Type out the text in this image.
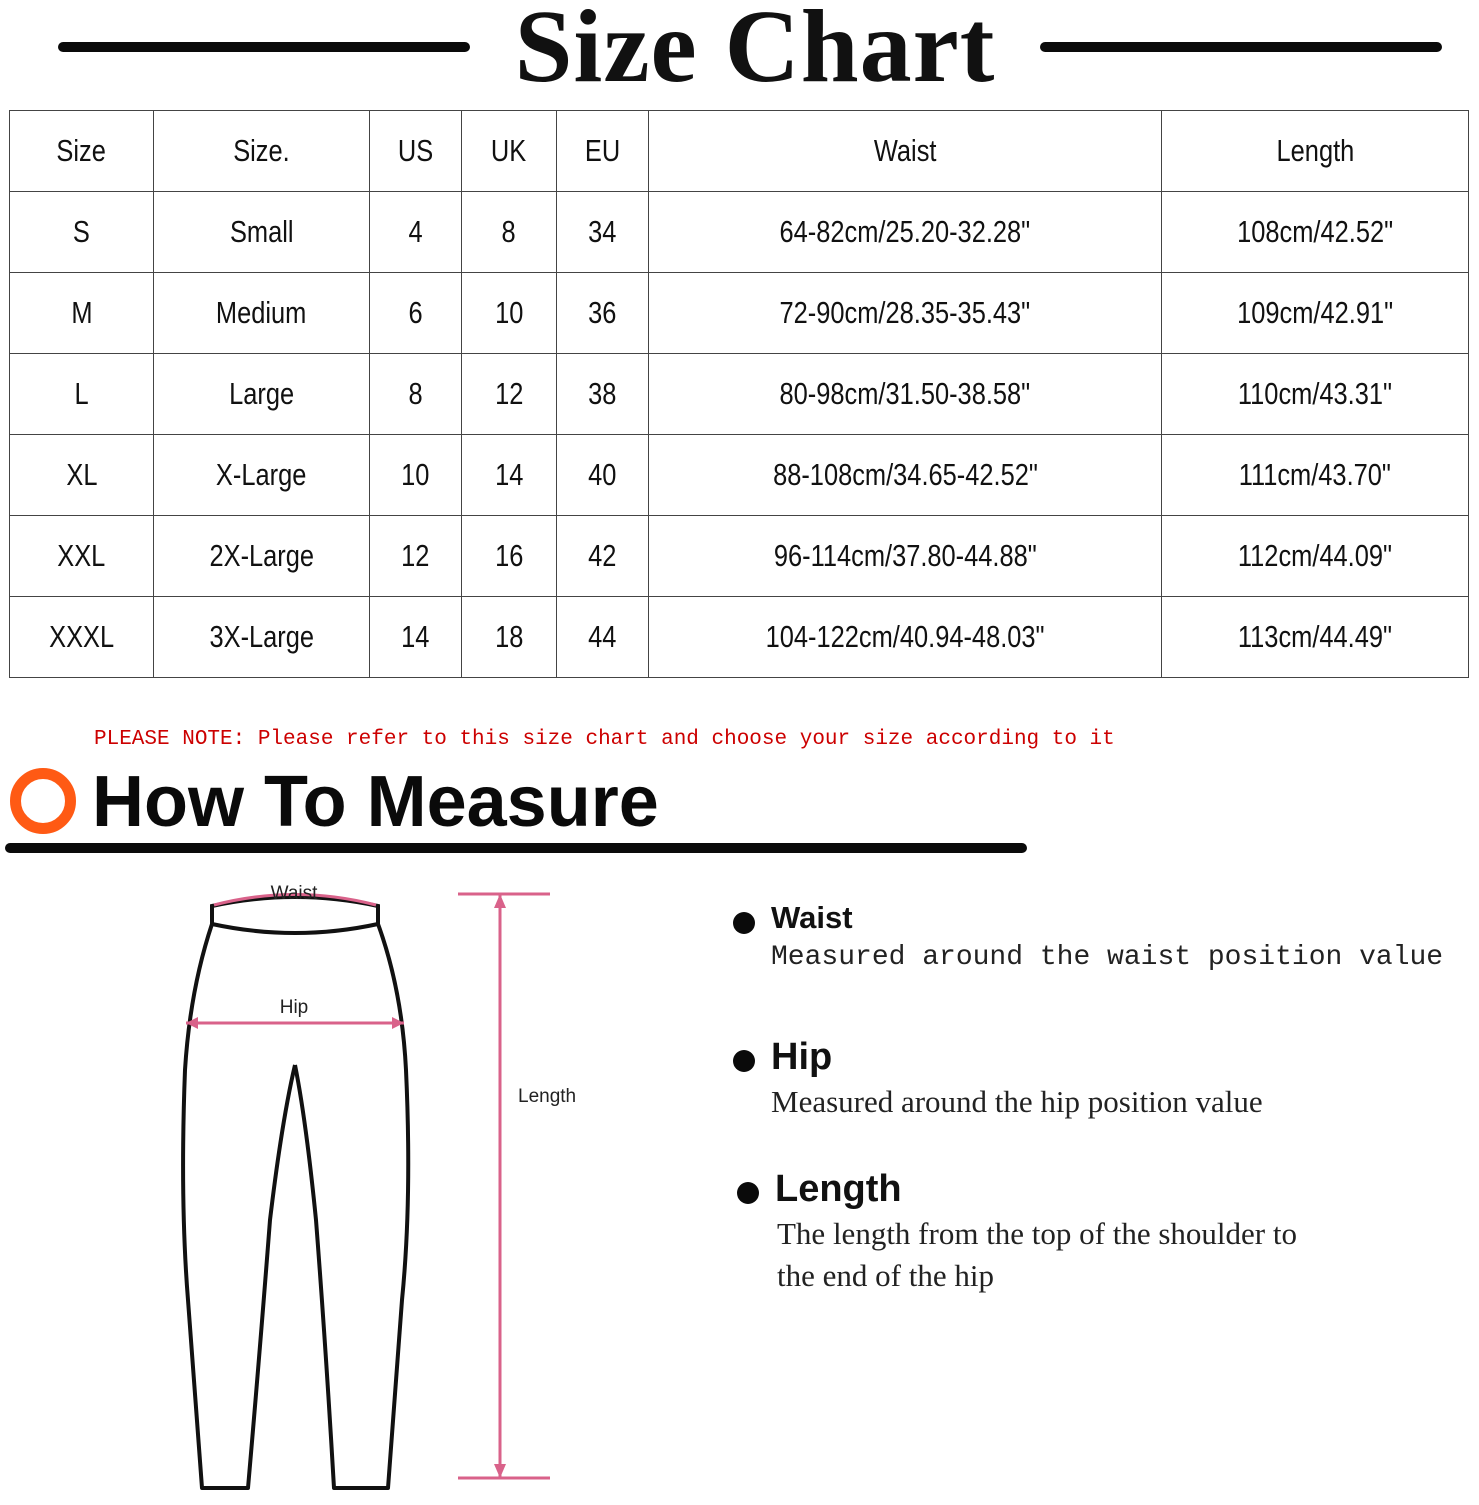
Size Chart
Size	Size.	US	UK	EU	Waist	Length
S	Small	4	8	34	64-82cm/25.20-32.28"	108cm/42.52"
M	Medium	6	10	36	72-90cm/28.35-35.43"	109cm/42.91"
L	Large	8	12	38	80-98cm/31.50-38.58"	110cm/43.31"
XL	X-Large	10	14	40	88-108cm/34.65-42.52"	111cm/43.70"
XXL	2X-Large	12	16	42	96-114cm/37.80-44.88"	112cm/44.09"
XXXL	3X-Large	14	18	44	104-122cm/40.94-48.03"	113cm/44.49"
PLEASE NOTE: Please refer to this size chart and choose your size according to it
How To Measure
Waist
Hip
Length
Waist
Measured around the waist position value
Hip
Measured around the hip position value
Length
The length from the top of the shoulder to
the end of the hip
